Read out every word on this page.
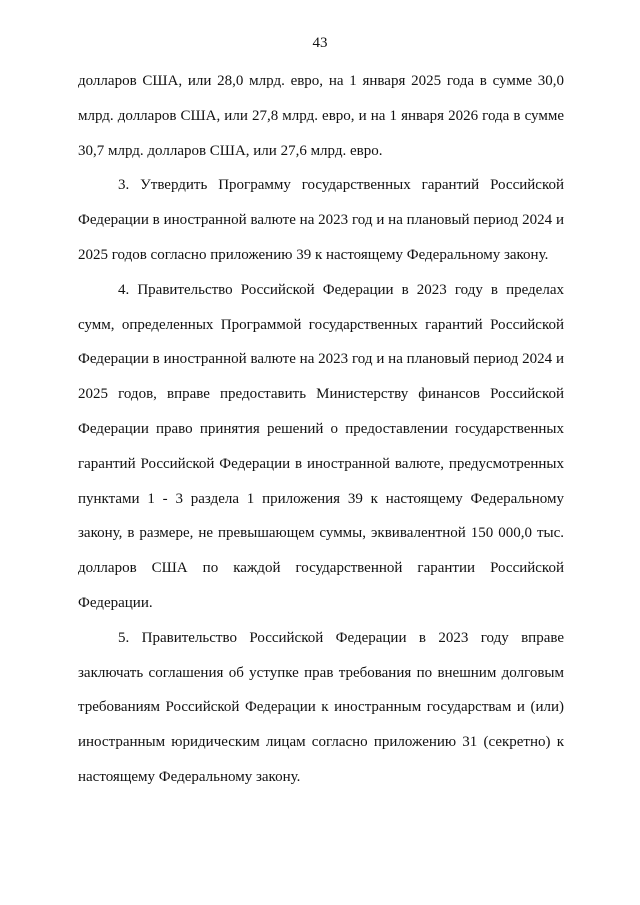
43

долларов США, или 28,0 млрд. евро, на 1 января 2025 года в сумме 30,0 млрд. долларов США, или 27,8 млрд. евро, и на 1 января 2026 года в сумме 30,7 млрд. долларов США, или 27,6 млрд. евро.

3. Утвердить Программу государственных гарантий Российской Федерации в иностранной валюте на 2023 год и на плановый период 2024 и 2025 годов согласно приложению 39 к настоящему Федеральному закону.

4. Правительство Российской Федерации в 2023 году в пределах сумм, определенных Программой государственных гарантий Российской Федерации в иностранной валюте на 2023 год и на плановый период 2024 и 2025 годов, вправе предоставить Министерству финансов Российской Федерации право принятия решений о предоставлении государственных гарантий Российской Федерации в иностранной валюте, предусмотренных пунктами 1 - 3 раздела 1 приложения 39 к настоящему Федеральному закону, в размере, не превышающем суммы, эквивалентной 150 000,0 тыс. долларов США по каждой государственной гарантии Российской Федерации.

5. Правительство Российской Федерации в 2023 году вправе заключать соглашения об уступке прав требования по внешним долговым требованиям Российской Федерации к иностранным государствам и (или) иностранным юридическим лицам согласно приложению 31 (секретно) к настоящему Федеральному закону.
